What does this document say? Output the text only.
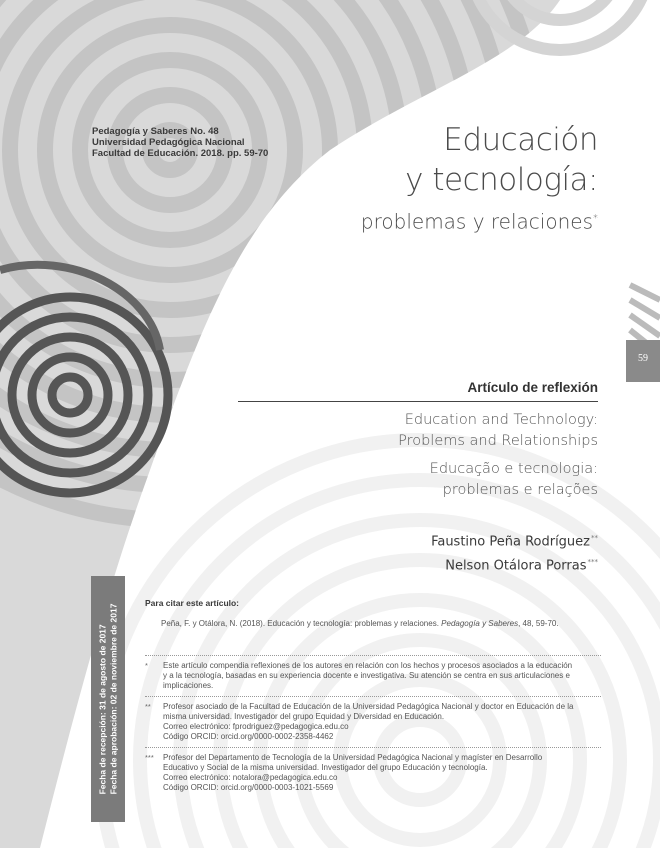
Pedagogía y Saberes No. 48
Universidad Pedagógica Nacional
Facultad de Educación. 2018. pp. 59-70	Educación
y tecnología:
problemas y relaciones*
59
Artículo de reflexión
Education and Technology:
Problems and Relationships
Educação e tecnologia:
problemas e relações
Faustino Peña Rodríguez**
Nelson Otálora Porras***
Fecha de recepción: 31 de agosto de 2017 Fecha de aprobación: 02 de noviembre de 2017
Para citar este artículo:
Peña, F. y Otálora, N. (2018). Educación y tecnología: problemas y relaciones. Pedagogía y Saberes, 48, 59-70.
* Este artículo compendia reflexiones de los autores en relación con los hechos y procesos asociados a la educación
y a la tecnología, basadas en su experiencia docente e investigativa. Su atención se centra en sus articulaciones e
implicaciones.
** Profesor asociado de la Facultad de Educación de la Universidad Pedagógica Nacional y doctor en Educación de la
misma universidad. Investigador del grupo Equidad y Diversidad en Educación.
Correo electrónico: fprodriguez@pedagogica.edu.co
Código ORCID: orcid.org/0000-0002-2358-4462
*** Profesor del Departamento de Tecnología de la Universidad Pedagógica Nacional y magíster en Desarrollo
Educativo y Social de la misma universidad. Investigador del grupo Educación y tecnología.
Correo electrónico: notalora@pedagogica.edu.co
Código ORCID: orcid.org/0000-0003-1021-5569
